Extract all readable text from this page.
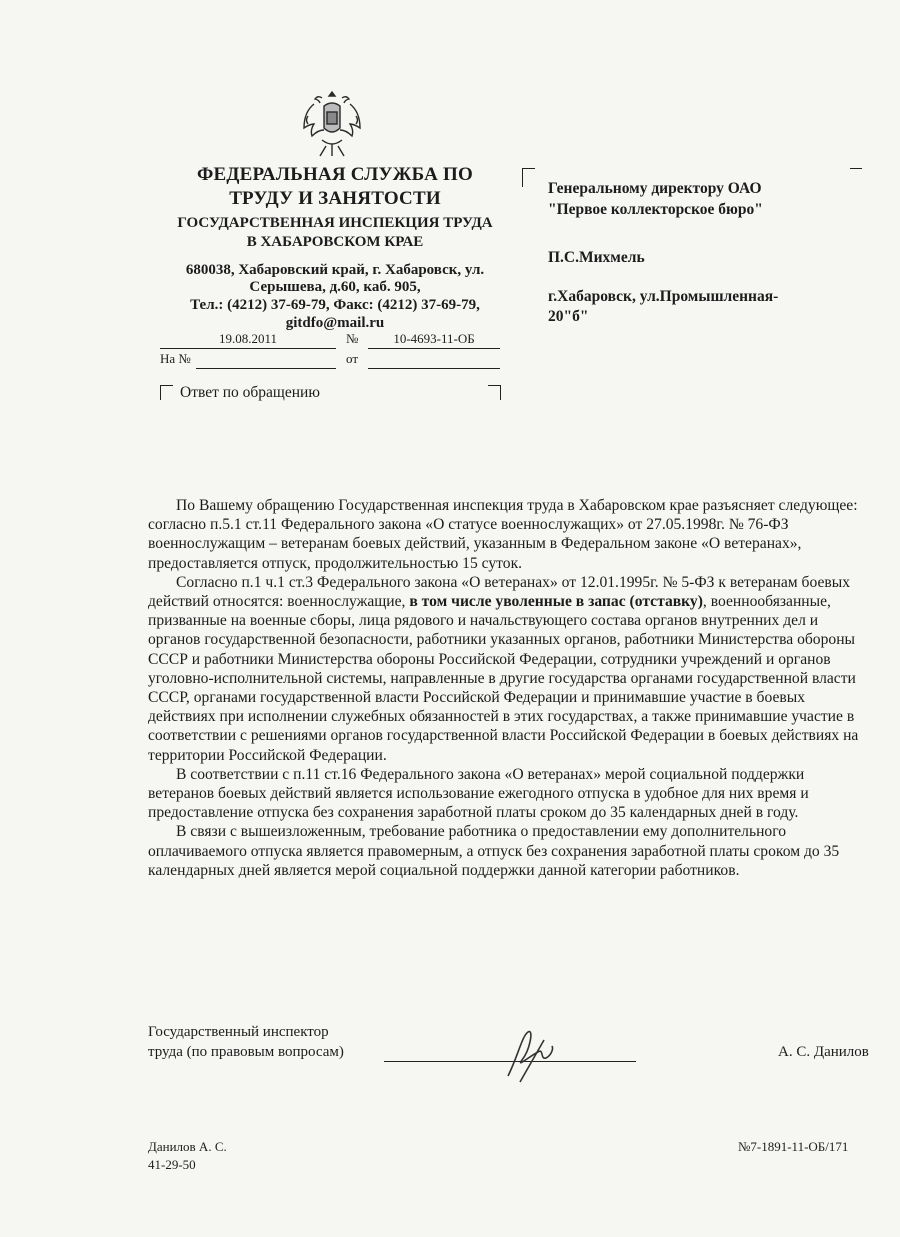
ФЕДЕРАЛЬНАЯ СЛУЖБА ПО
ТРУДУ И ЗАНЯТОСТИ
ГОСУДАРСТВЕННАЯ ИНСПЕКЦИЯ ТРУДА
В ХАБАРОВСКОМ КРАЕ
680038, Хабаровский край, г. Хабаровск, ул.
Серышева, д.60, каб. 905,
Тел.: (4212) 37-69-79, Факс: (4212) 37-69-79,
gitdfo@mail.ru
19.08.2011	№	10-4693-11-ОБ
На №	от
Ответ по обращению
Генеральному директору ОАО
"Первое коллекторское бюро"
П.С.Михмель
г.Хабаровск, ул.Промышленная-
20"б"

По Вашему обращению Государственная инспекция труда в Хабаровском крае разъясняет следующее: согласно п.5.1 ст.11 Федерального закона «О статусе военнослужащих» от 27.05.1998г. № 76-ФЗ военнослужащим – ветеранам боевых действий, указанным в Федеральном законе «О ветеранах», предоставляется отпуск, продолжительностью 15 суток.

Согласно п.1 ч.1 ст.3 Федерального закона «О ветеранах» от 12.01.1995г. № 5-ФЗ к ветеранам боевых действий относятся: военнослужащие, в том числе уволенные в запас (отставку), военнообязанные, призванные на военные сборы, лица рядового и начальствующего состава органов внутренних дел и органов государственной безопасности, работники указанных органов, работники Министерства обороны СССР и работники Министерства обороны Российской Федерации, сотрудники учреждений и органов уголовно-исполнительной системы, направленные в другие государства органами государственной власти СССР, органами государственной власти Российской Федерации и принимавшие участие в боевых действиях при исполнении служебных обязанностей в этих государствах, а также принимавшие участие в соответствии с решениями органов государственной власти Российской Федерации в боевых действиях на территории Российской Федерации.

В соответствии с п.11 ст.16 Федерального закона «О ветеранах» мерой социальной поддержки ветеранов боевых действий является использование ежегодного отпуска в удобное для них время и предоставление отпуска без сохранения заработной платы сроком до 35 календарных дней в году.

В связи с вышеизложенным, требование работника о предоставлении ему дополнительного оплачиваемого отпуска является правомерным, а отпуск без сохранения заработной платы сроком до 35 календарных дней является мерой социальной поддержки данной категории работников.

Государственный инспектор
труда (по правовым вопросам)	А. С. Данилов
Данилов А. С.
41-29-50
№7-1891-11-ОБ/171
